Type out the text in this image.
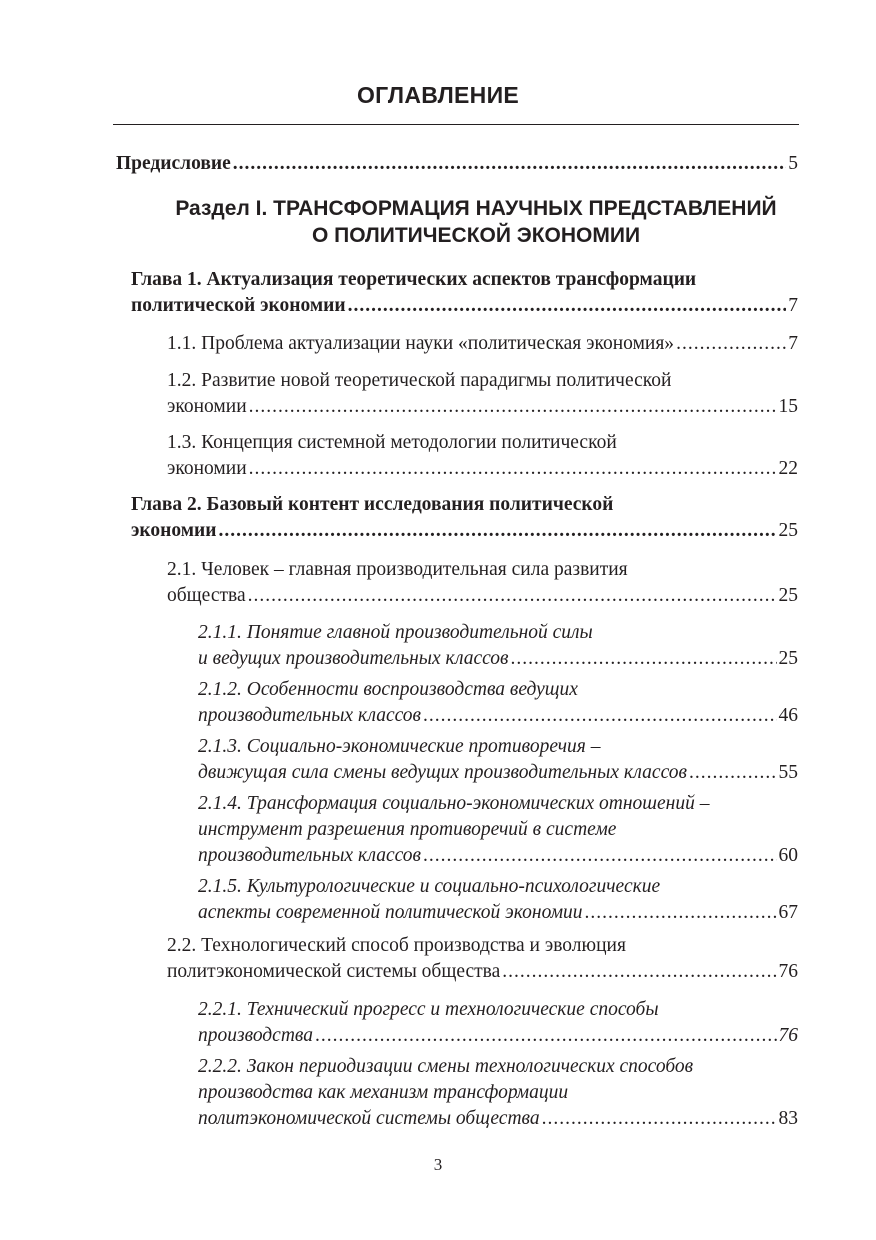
ОГЛАВЛЕНИЕ
Предисловие .....	5
Раздел I. ТРАНСФОРМАЦИЯ НАУЧНЫХ ПРЕДСТАВЛЕНИЙ
О ПОЛИТИЧЕСКОЙ ЭКОНОМИИ
Глава 1. Актуализация теоретических аспектов трансформации
политической экономии .....	7
1.1. Проблема актуализации науки «политическая экономия» .....	7
1.2. Развитие новой теоретической парадигмы политической
экономии .....	15
1.3. Концепция системной методологии политической
экономии .....	22
Глава 2. Базовый контент исследования политической
экономии .....	25
2.1. Человек – главная производительная сила развития
общества .....	25
2.1.1. Понятие главной производительной силы
и ведущих производительных классов .....	25
2.1.2. Особенности воспроизводства ведущих
производительных классов .....	46
2.1.3. Социально-экономические противоречия –
движущая сила смены ведущих производительных классов .....	55
2.1.4. Трансформация социально-экономических отношений –
инструмент разрешения противоречий в системе
производительных классов .....	60
2.1.5. Культурологические и социально-психологические
аспекты современной политической экономии .....	67
2.2. Технологический способ производства и эволюция
политэкономической системы общества .....	76
2.2.1. Технический прогресс и технологические способы
производства .....	76
2.2.2. Закон периодизации смены технологических способов
производства как механизм трансформации
политэкономической системы общества .....	83
3
